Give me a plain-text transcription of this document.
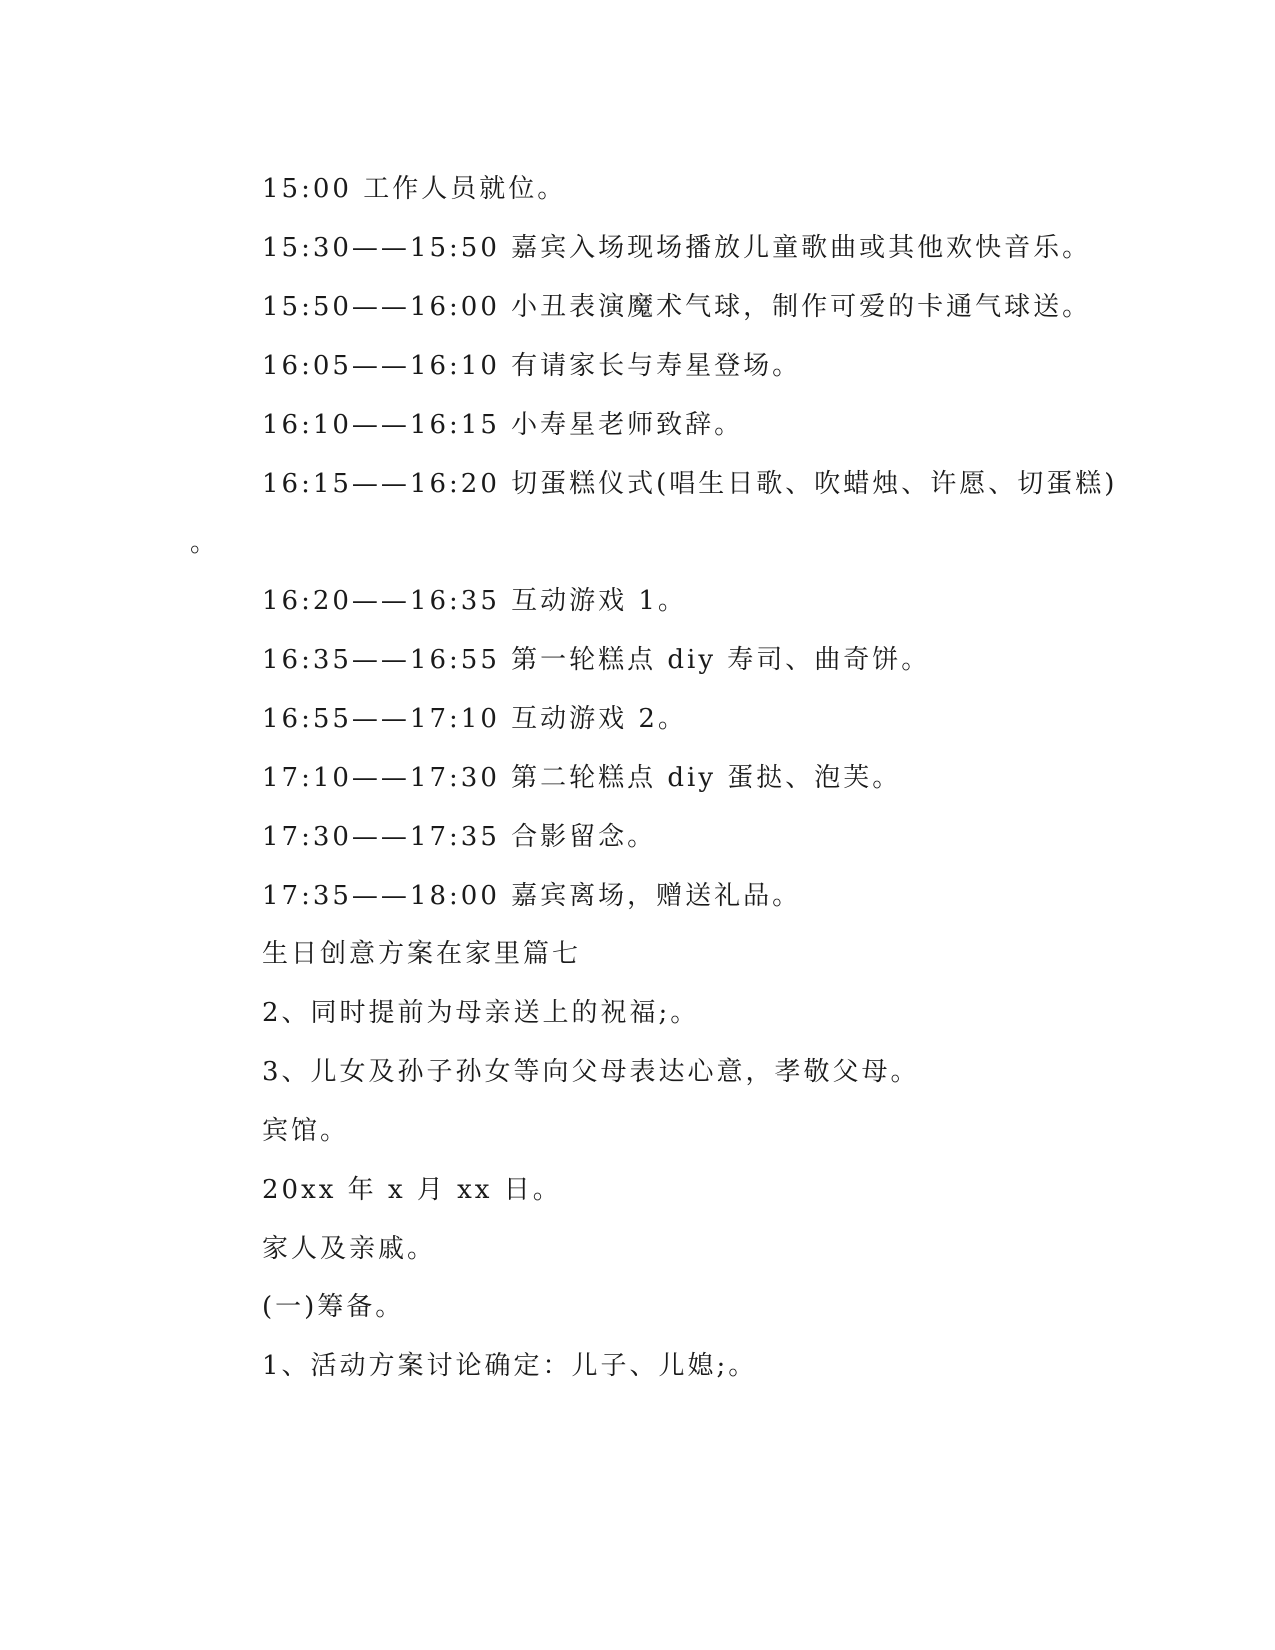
15:00 工作人员就位。
15:30——15:50 嘉宾入场现场播放儿童歌曲或其他欢快音乐。
15:50——16:00 小丑表演魔术气球，制作可爱的卡通气球送。
16:05——16:10 有请家长与寿星登场。
16:10——16:15 小寿星老师致辞。
16:15——16:20 切蛋糕仪式(唱生日歌、吹蜡烛、许愿、切蛋糕)
。
16:20——16:35 互动游戏 1。
16:35——16:55 第一轮糕点 diy 寿司、曲奇饼。
16:55——17:10 互动游戏 2。
17:10——17:30 第二轮糕点 diy 蛋挞、泡芙。
17:30——17:35 合影留念。
17:35——18:00 嘉宾离场，赠送礼品。
生日创意方案在家里篇七
2、同时提前为母亲送上的祝福;。
3、儿女及孙子孙女等向父母表达心意，孝敬父母。
宾馆。
20xx 年 x 月 xx 日。
家人及亲戚。
(一)筹备。
1、活动方案讨论确定：儿子、儿媳;。
